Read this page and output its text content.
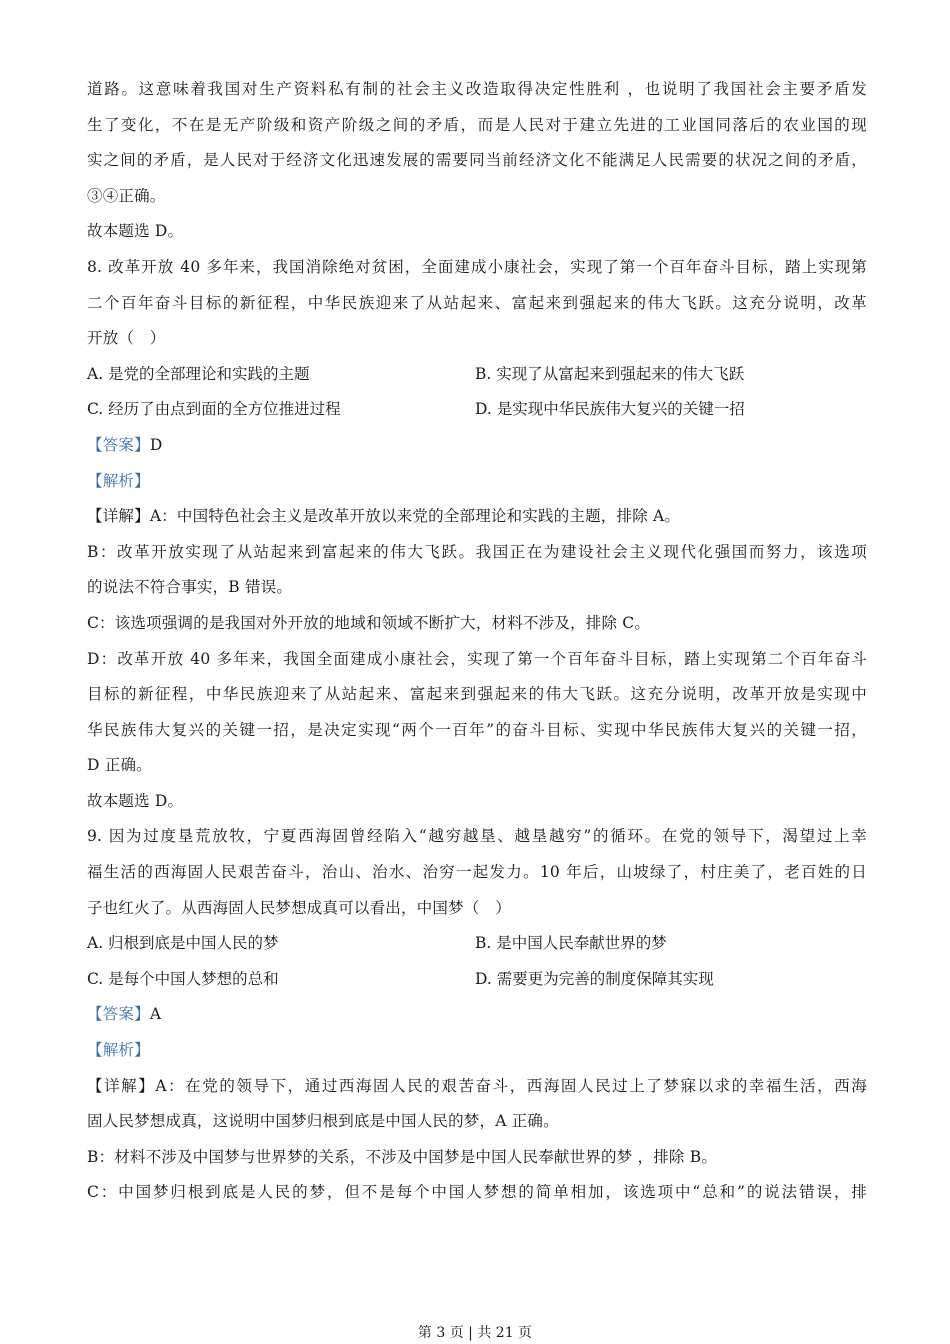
道路。这意味着我国对生产资料私有制的社会主义改造取得决定性胜利 ，也说明了我国社会主要矛盾发
生了变化，不在是无产阶级和资产阶级之间的矛盾，而是人民对于建立先进的工业国同落后的农业国的现
实之间的矛盾，是人民对于经济文化迅速发展的需要同当前经济文化不能满足人民需要的状况之间的矛盾，
③④正确。
故本题选 D。
8. 改革开放 40 多年来，我国消除绝对贫困，全面建成小康社会，实现了第一个百年奋斗目标，踏上实现第
二个百年奋斗目标的新征程，中华民族迎来了从站起来、富起来到强起来的伟大飞跃。这充分说明，改革
开放（　）
A. 是党的全部理论和实践的主题	B. 实现了从富起来到强起来的伟大飞跃
C. 经历了由点到面的全方位推进过程	D. 是实现中华民族伟大复兴的关键一招
【答案】D
【解析】
【详解】A：中国特色社会主义是改革开放以来党的全部理论和实践的主题，排除 A。
B：改革开放实现了从站起来到富起来的伟大飞跃。我国正在为建设社会主义现代化强国而努力，该选项
的说法不符合事实，B 错误。
C：该选项强调的是我国对外开放的地域和领域不断扩大，材料不涉及，排除 C。
D：改革开放 40 多年来，我国全面建成小康社会，实现了第一个百年奋斗目标，踏上实现第二个百年奋斗
目标的新征程，中华民族迎来了从站起来、富起来到强起来的伟大飞跃。这充分说明，改革开放是实现中
华民族伟大复兴的关键一招，是决定实现“两个一百年”的奋斗目标、实现中华民族伟大复兴的关键一招，
D 正确。
故本题选 D。
9. 因为过度垦荒放牧，宁夏西海固曾经陷入“越穷越垦、越垦越穷”的循环。在党的领导下，渴望过上幸
福生活的西海固人民艰苦奋斗，治山、治水、治穷一起发力。10 年后，山坡绿了，村庄美了，老百姓的日
子也红火了。从西海固人民梦想成真可以看出，中国梦（　）
A. 归根到底是中国人民的梦	B. 是中国人民奉献世界的梦
C. 是每个中国人梦想的总和	D. 需要更为完善的制度保障其实现
【答案】A
【解析】
【详解】A：在党的领导下，通过西海固人民的艰苦奋斗，西海固人民过上了梦寐以求的幸福生活，西海
固人民梦想成真，这说明中国梦归根到底是中国人民的梦，A 正确。
B：材料不涉及中国梦与世界梦的关系，不涉及中国梦是中国人民奉献世界的梦 ，排除 B。
C：中国梦归根到底是人民的梦，但不是每个中国人梦想的简单相加，该选项中“总和”的说法错误，排
第 3 页 | 共 21 页
